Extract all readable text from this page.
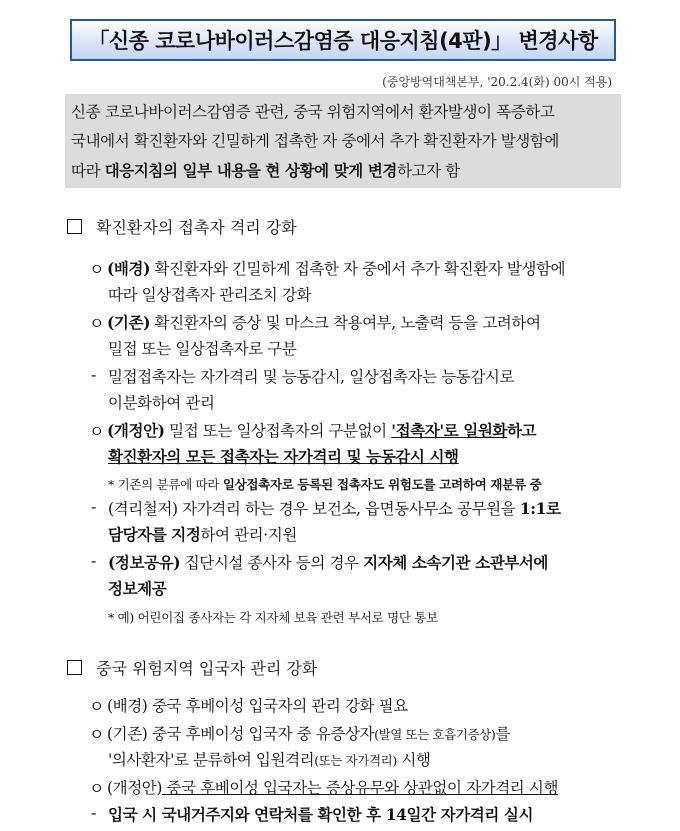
「신종 코로나바이러스감염증 대응지침(4판)」 변경사항
(중앙방역대책본부, '20.2.4(화) 00시 적용)
신종 코로나바이러스감염증 관련, 중국 위험지역에서 환자발생이 폭증하고
국내에서 확진환자와 긴밀하게 접촉한 자 중에서 추가 확진환자가 발생함에
따라 대응지침의 일부 내용을 현 상황에 맞게 변경하고자 함
확진환자의 접촉자 격리 강화
ㅇ (배경) 확진환자와 긴밀하게 접촉한 자 중에서 추가 확진환자 발생함에
따라 일상접촉자 관리조치 강화
ㅇ (기존) 확진환자의 증상 및 마스크 착용여부, 노출력 등을 고려하여
밀접 또는 일상접촉자로 구분
- 밀접접촉자는 자가격리 및 능동감시, 일상접촉자는 능동감시로
이분화하여 관리
ㅇ (개정안) 밀접 또는 일상접촉자의 구분없이 '접촉자'로 일원화하고
확진환자의 모든 접촉자는 자가격리 및 능동감시 시행
* 기존의 분류에 따라 일상접촉자로 등록된 접촉자도 위험도를 고려하여 재분류 중
- (격리철저) 자가격리 하는 경우 보건소, 읍면동사무소 공무원을 1:1로
담당자를 지정하여 관리·지원
- (정보공유) 집단시설 종사자 등의 경우 지자체 소속기관 소관부서에
정보제공
* 예) 어린이집 종사자는 각 지자체 보육 관련 부서로 명단 통보
중국 위험지역 입국자 관리 강화
ㅇ (배경) 중국 후베이성 입국자의 관리 강화 필요
ㅇ (기존) 중국 후베이성 입국자 중 유증상자(발열 또는 호흡기증상)를
'의사환자'로 분류하여 입원격리(또는 자가격리) 시행
ㅇ (개정안) 중국 후베이성 입국자는 증상유무와 상관없이 자가격리 시행
- 입국 시 국내거주지와 연락처를 확인한 후 14일간 자가격리 실시
